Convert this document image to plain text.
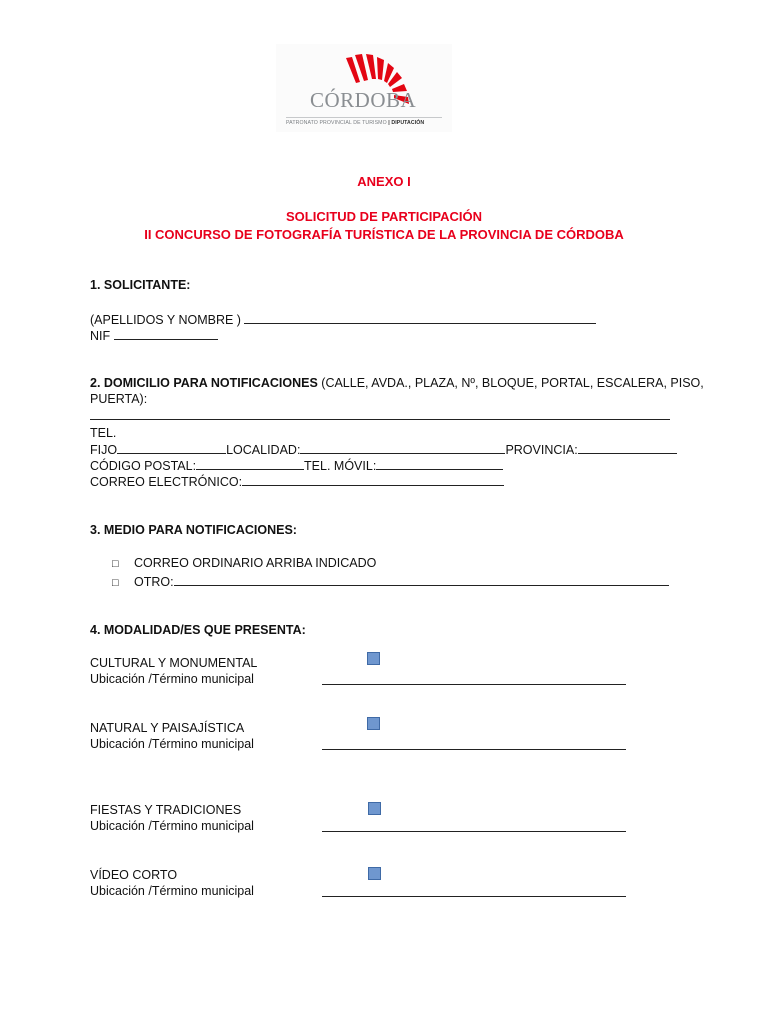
CÓRDOBA
PATRONATO PROVINCIAL DE TURISMO | DIPUTACIÓN
ANEXO I
SOLICITUD DE PARTICIPACIÓN
II CONCURSO DE FOTOGRAFÍA TURÍSTICA DE LA PROVINCIA DE CÓRDOBA
1. SOLICITANTE:
(APELLIDOS Y NOMBRE )
NIF
2. DOMICILIO PARA NOTIFICACIONES (CALLE, AVDA., PLAZA, Nº, BLOQUE, PORTAL, ESCALERA, PISO,
PUERTA):
TEL.
FIJO	LOCALIDAD:	PROVINCIA:
CÓDIGO POSTAL:	TEL. MÓVIL:
CORREO ELECTRÓNICO:
3. MEDIO PARA NOTIFICACIONES:
□ CORREO ORDINARIO ARRIBA INDICADO
□ OTRO:
4. MODALIDAD/ES QUE PRESENTA:
CULTURAL Y MONUMENTAL
Ubicación /Término municipal
NATURAL Y PAISAJÍSTICA
Ubicación /Término municipal
FIESTAS Y TRADICIONES
Ubicación /Término municipal
VÍDEO CORTO
Ubicación /Término municipal
